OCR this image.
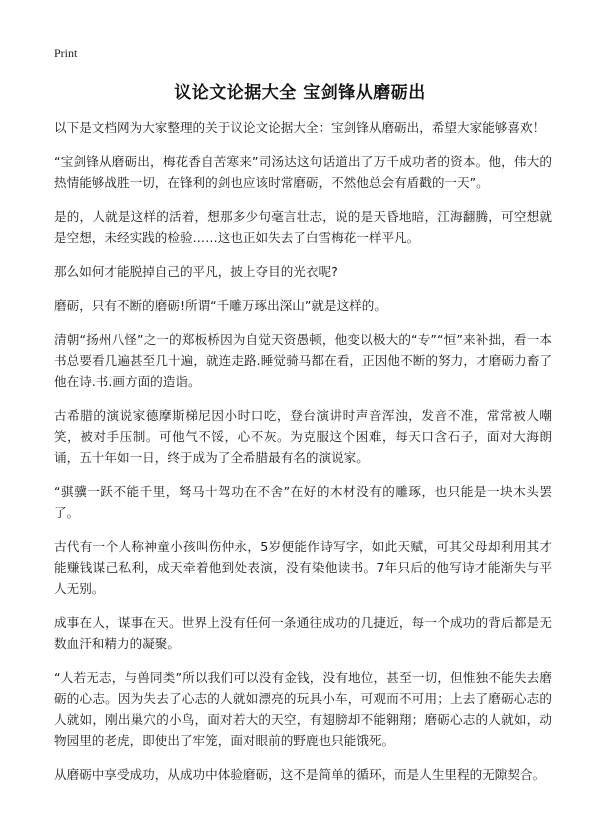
Print
议论文论据大全 宝剑锋从磨砺出

以下是文档网为大家整理的关于议论文论据大全：宝剑锋从磨砺出，希望大家能够喜欢！

“宝剑锋从磨砺出，梅花香自苦寒来”司汤达这句话道出了万千成功者的资本。他，伟大的热情能够战胜一切，在锋利的剑也应该时常磨砺，不然他总会有盾戳的一天”。

是的，人就是这样的活着，想那多少句毫言壮志，说的是天昏地暗，江海翻腾，可空想就是空想，未经实践的检验……这也正如失去了白雪梅花一样平凡。

那么如何才能脱掉自己的平凡，披上夺目的光衣呢?

磨砺，只有不断的磨砺!所谓“千雕万琢出深山”就是这样的。

清朝“扬州八怪”之一的郑板桥因为自觉天资愚顿，他变以极大的“专”“恒”来补拙，看一本书总要看几遍甚至几十遍，就连走路.睡觉骑马都在看，正因他不断的努力，才磨砺力畜了他在诗.书.画方面的造诣。

古希腊的演说家德摩斯梯尼因小时口吃，登台演讲时声音浑浊，发音不准，常常被人嘲笑，被对手压制。可他气不馁，心不灰。为克服这个困难，每天口含石子，面对大海朗诵，五十年如一日，终于成为了全希腊最有名的演说家。

“骐骥一跃不能千里，驽马十驾功在不舍”在好的木材没有的雕琢，也只能是一块木头罢了。

古代有一个人称神童小孩叫伤仲永，5岁便能作诗写字，如此天赋，可其父母却利用其才能赚钱谋己私利，成天牵着他到处表演，没有染他读书。7年只后的他写诗才能渐失与平人无别。

成事在人，谋事在天。世界上没有任何一条通往成功的几捷近，每一个成功的背后都是无数血汗和精力的凝聚。

“人若无志，与兽同类”所以我们可以没有金钱，没有地位，甚至一切，但惟独不能失去磨砺的心志。因为失去了心志的人就如漂亮的玩具小车，可观而不可用；上去了磨砺心志的人就如，刚出巢穴的小鸟，面对若大的天空，有翅膀却不能翱翔；磨砺心志的人就如，动物园里的老虎，即使出了牢笼，面对眼前的野鹿也只能饿死。

从磨砺中享受成功，从成功中体验磨砺，这不是简单的循环，而是人生里程的无隙契合。
